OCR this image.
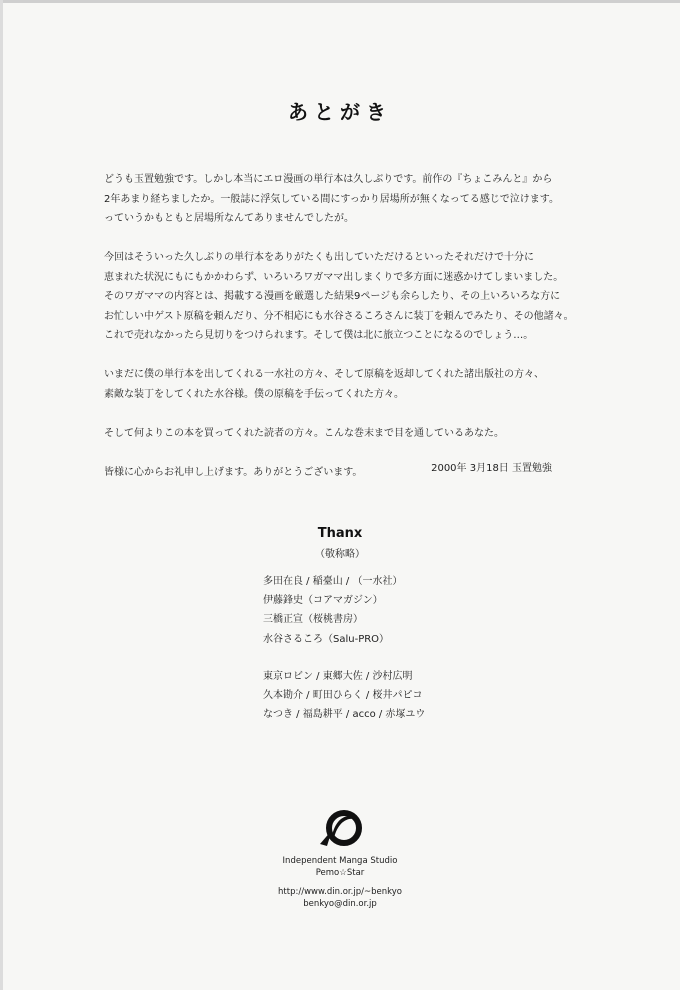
あとがき

どうも玉置勉強です。しかし本当にエロ漫画の単行本は久しぶりです。前作の『ちょこみんと』から
2年あまり経ちましたか。一般誌に浮気している間にすっかり居場所が無くなってる感じで泣けます。
っていうかもともと居場所なんてありませんでしたが。

今回はそういった久しぶりの単行本をありがたくも出していただけるといったそれだけで十分に
恵まれた状況にもにもかかわらず、いろいろワガママ出しまくりで多方面に迷惑かけてしまいました。
そのワガママの内容とは、掲載する漫画を厳選した結果9ページも余らしたり、その上いろいろな方に
お忙しい中ゲスト原稿を頼んだり、分不相応にも水谷さるころさんに装丁を頼んでみたり、その他諸々。
これで売れなかったら見切りをつけられます。そして僕は北に旅立つことになるのでしょう…。

いまだに僕の単行本を出してくれる一水社の方々、そして原稿を返却してくれた諸出版社の方々、
素敵な装丁をしてくれた水谷様。僕の原稿を手伝ってくれた方々。

そして何よりこの本を買ってくれた読者の方々。こんな巻末まで目を通しているあなた。

皆様に心からお礼申し上げます。ありがとうございます。	2000年 3月18日 玉置勉強
Thanx
（敬称略）
多田在良 / 稲臺山 / （一水社）
伊藤鋒史（コアマガジン）
三橋正宣（桜桃書房）
水谷さるころ（Salu-PRO）
東京ロビン / 東郷大佐 / 沙村広明
久本勘介 / 町田ひらく / 桜井パピコ
なつき / 福島耕平 / acco / 赤塚ユウ
Independent Manga Studio
Pemo☆Star
http://www.din.or.jp/~benkyo
benkyo@din.or.jp
